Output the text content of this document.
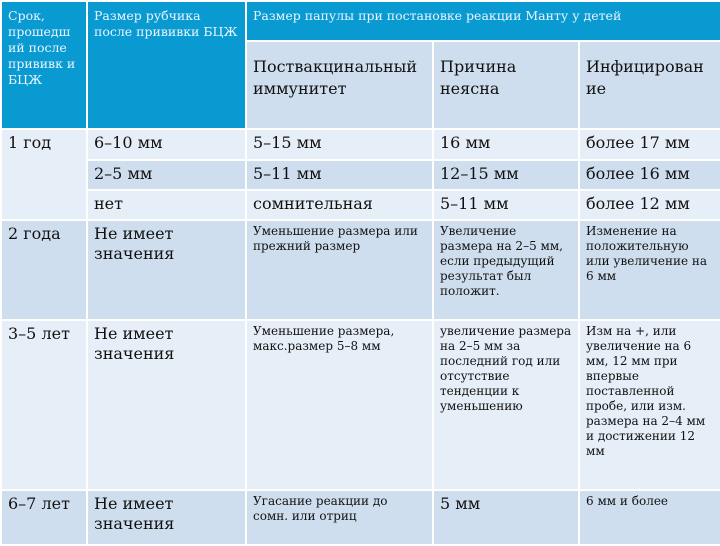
Срок, прошедш ий после прививк и БЦЖ	Размер рубчика после прививки БЦЖ	Размер папулы при постановке реакции Манту у детей		
		Поствакцинальный иммунитет	Причина неясна	Инфицирован ие
1 год	6–10 мм	5–15 мм	16 мм	более 17 мм
	2–5 мм	5–11 мм	12–15 мм	более 16 мм
	нет	сомнительная	5–11 мм	более 12 мм
2 года	Не имеет значения	Уменьшение размера или прежний размер	Увеличение размера на 2–5 мм, если предыдущий результат был положит.	Изменение на положительную или увеличение на 6 мм
3–5 лет	Не имеет значения	Уменьшение размера, макс.размер 5–8 мм	увеличение размера на 2–5 мм за последний год или отсутствие тенденции к уменьшению	Изм на +, или увеличение на 6 мм, 12 мм при впервые поставленной пробе, или изм. размера на 2–4 мм и достижении 12 мм
6–7 лет	Не имеет значения	Угасание реакции до сомн. или отриц	5 мм	6 мм и более
